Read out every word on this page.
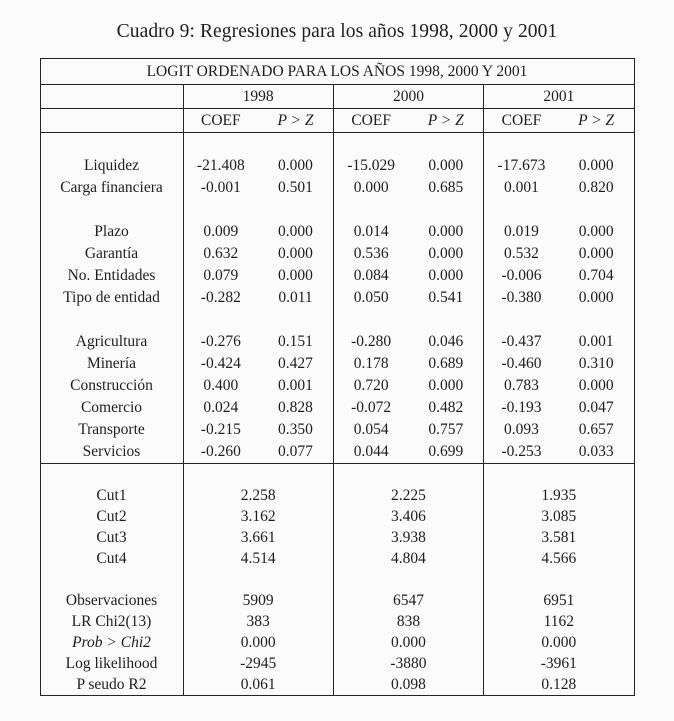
Cuadro 9: Regresiones para los años 1998, 2000 y 2001
LOGIT ORDENADO PARA LOS AÑOS 1998, 2000 Y 2001						
	1998		2000		2001	
	COEF	P > Z	COEF	P > Z	COEF	P > Z

Liquidez	-21.408	0.000	-15.029	0.000	-17.673	0.000
Carga financiera	-0.001	0.501	0.000	0.685	0.001	0.820

Plazo	0.009	0.000	0.014	0.000	0.019	0.000
Garantía	0.632	0.000	0.536	0.000	0.532	0.000
No. Entidades	0.079	0.000	0.084	0.000	-0.006	0.704
Tipo de entidad	-0.282	0.011	0.050	0.541	-0.380	0.000

Agricultura	-0.276	0.151	-0.280	0.046	-0.437	0.001
Minería	-0.424	0.427	0.178	0.689	-0.460	0.310
Construcción	0.400	0.001	0.720	0.000	0.783	0.000
Comercio	0.024	0.828	-0.072	0.482	-0.193	0.047
Transporte	-0.215	0.350	0.054	0.757	0.093	0.657
Servicios	-0.260	0.077	0.044	0.699	-0.253	0.033

Cut1	2.258		2.225		1.935	
Cut2	3.162		3.406		3.085	
Cut3	3.661		3.938		3.581	
Cut4	4.514		4.804		4.566	

Observaciones	5909		6547		6951	
LR Chi2(13)	383		838		1162	
Prob > Chi2	0.000		0.000		0.000	
Log likelihood	-2945		-3880		-3961	
P seudo R2	0.061		0.098		0.128	
